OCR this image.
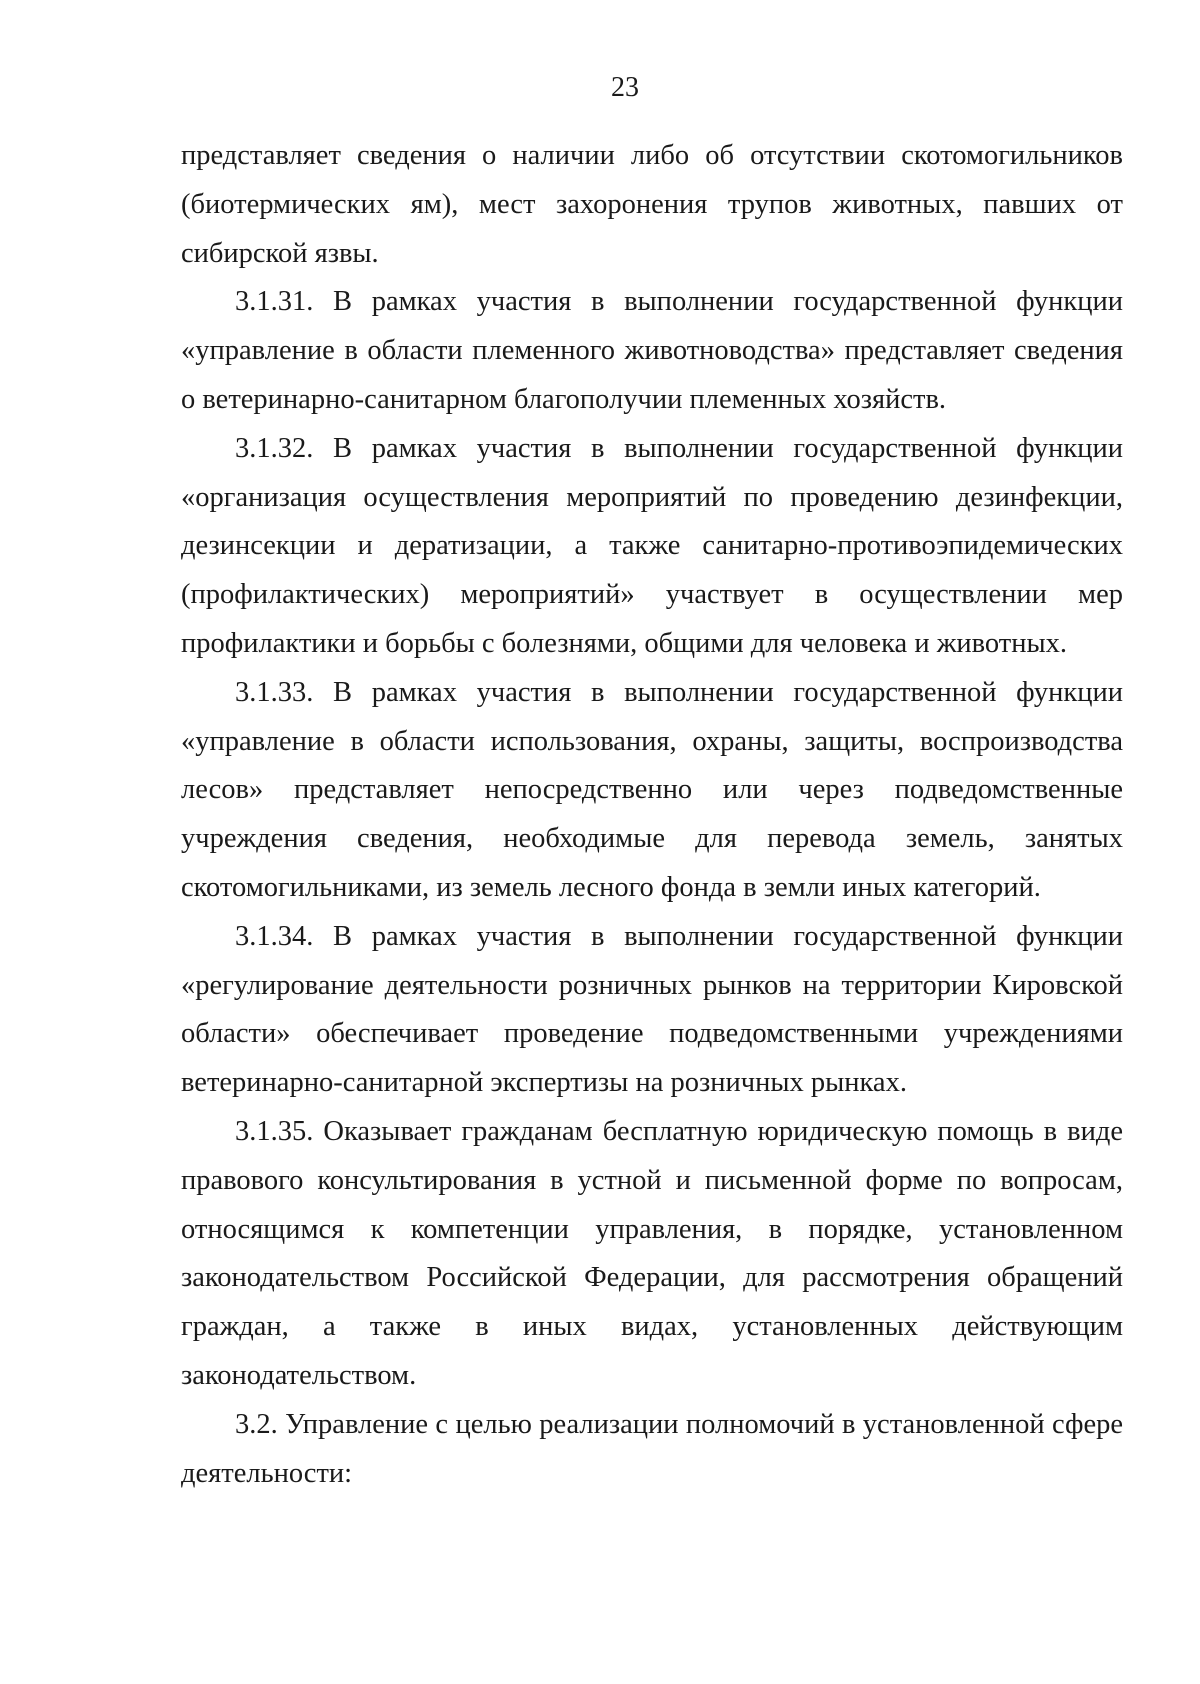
23

представляет сведения о наличии либо об отсутствии скотомогильников (биотермических ям), мест захоронения трупов животных, павших от сибирской язвы.

3.1.31. В рамках участия в выполнении государственной функции «управление в области племенного животноводства» представляет сведения о ветеринарно-санитарном благополучии племенных хозяйств.

3.1.32. В рамках участия в выполнении государственной функции «организация осуществления мероприятий по проведению дезинфекции, дезинсекции и дератизации, а также санитарно-противоэпидемических (профилактических) мероприятий» участвует в осуществлении мер профилактики и борьбы с болезнями, общими для человека и животных.

3.1.33. В рамках участия в выполнении государственной функции «управление в области использования, охраны, защиты, воспроизводства лесов» представляет непосредственно или через подведомственные учреждения сведения, необходимые для перевода земель, занятых скотомогильниками, из земель лесного фонда в земли иных категорий.

3.1.34. В рамках участия в выполнении государственной функции «регулирование деятельности розничных рынков на территории Кировской области» обеспечивает проведение подведомственными учреждениями ветеринарно-санитарной экспертизы на розничных рынках.

3.1.35. Оказывает гражданам бесплатную юридическую помощь в виде правового консультирования в устной и письменной форме по вопросам, относящимся к компетенции управления, в порядке, установленном законодательством Российской Федерации, для рассмотрения обращений граждан, а также в иных видах, установленных действующим законодательством.

3.2. Управление с целью реализации полномочий в установленной сфере деятельности:
